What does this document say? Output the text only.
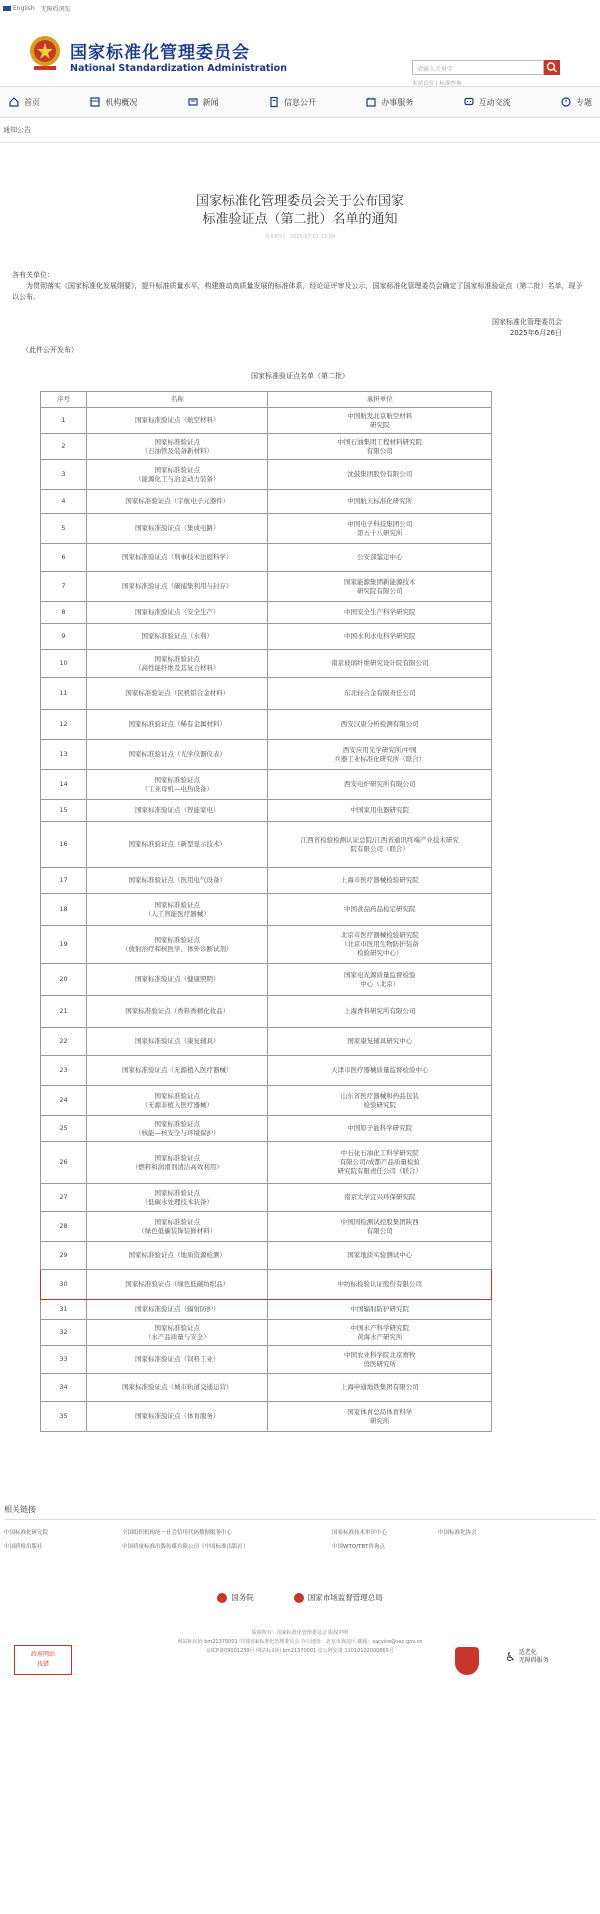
English 无障碍浏览
国家标准化管理委员会
National Standardization Administration	请输入关键字
本站首页 | 标准查询
首页	机构概况	新闻	信息公开	办事服务	互动交流	专题
通知公告
国家标准化管理委员会关于公布国家
标准验证点（第二批）名单的通知
发布时间：2025-07-01 12:09
各有关单位：
为贯彻落实《国家标准化发展纲要》，提升标准质量水平，构建推动高质量发展的标准体系，经论证评审及公示，国家标准化管理委员会确定了国家标准验证点（第二批）名单，现予以公布。
国家标准化管理委员会
2025年6月26日
（此件公开发布）
国家标准验证点名单（第二批）
序号	名称	承担单位
1	国家标准验证点（航空材料）	中国航发北京航空材料
研究院
2	国家标准验证点
（石油管及装备新材料）	中国石油集团工程材料研究院
有限公司
3	国家标准验证点
（能源化工与冶金动力装备）	沈鼓集团股份有限公司
4	国家标准验证点（宇航电子元器件）	中国航天标准化研究所
5	国家标准验证点（集成电路）	中国电子科技集团公司
第五十八研究所
6	国家标准验证点（刑事技术法庭科学）	公安部鉴定中心
7	国家标准验证点（碳捕集利用与封存）	国家能源集团新能源技术
研究院有限公司
8	国家标准验证点（安全生产）	中国安全生产科学研究院
9	国家标准验证点（水利）	中国水利水电科学研究院
10	国家标准验证点
（高性能纤维及其复合材料）	南京玻璃纤维研究设计院有限公司
11	国家标准验证点（民机铝合金材料）	东北轻合金有限责任公司
12	国家标准验证点（稀有金属材料）	西安汉唐分析检测有限公司
13	国家标准验证点（光学仪器仪表）	西安应用光学研究所/中国
兵器工业标准化研究所（联合）
14	国家标准验证点
（工业母机—电热设备）	西安电炉研究所有限公司
15	国家标准验证点（智能家电）	中国家用电器研究院
16	国家标准验证点（新型显示技术）	江西省检验检测认证总院/江西省通讯终端产业技术研究
院有限公司（联合）
17	国家标准验证点（医用电气设备）	上海市医疗器械检验研究院
18	国家标准验证点
（人工智能医疗器械）	中国食品药品检定研究院
19	国家标准验证点
（放射治疗和核医学、体外诊断试剂）	北京市医疗器械检验研究院
（北京市医用生物防护装备
检验研究中心）
20	国家标准验证点（健康照明）	国家电光源质量监督检验
中心（北京）
21	国家标准验证点（香料香精化妆品）	上海香料研究所有限公司
22	国家标准验证点（康复辅具）	国家康复辅具研究中心
23	国家标准验证点（无源植入医疗器械）	天津市医疗器械质量监督检验中心
24	国家标准验证点
（无源非植入医疗器械）	山东省医疗器械和药品包装
检验研究院
25	国家标准验证点
（核能—核安全与环境保护）	中国原子能科学研究院
26	国家标准验证点
（燃料和润滑剂清洁高效利用）	中石化石油化工科学研究院
有限公司/成都产品质量检验
研究院有限责任公司（联合）
27	国家标准验证点
（低碳水处理技术装备）	南京大学宜兴环保研究院
28	国家标准验证点
（绿色低碳装饰装修材料）	中国国检测试控股集团陕西
有限公司
29	国家标准验证点（地质资源检测）	国家地质实验测试中心
30	国家标准验证点（绿色低碳纺织品）	中纺标检验认证股份有限公司
31	国家标准验证点（辐射防护）	中国辐射防护研究院
32	国家标准验证点
（水产品质量与安全）	中国水产科学研究院
黄海水产研究所
33	国家标准验证点（饲料工业）	中国农业科学院北京畜牧
兽医研究所
34	国家标准验证点（城市轨道交通运营）	上海申通地铁集团有限公司
35	国家标准验证点（体育服务）	国家体育总局体育科学
研究所
相关链接
中国标准化研究院	全国组织机构统一社会信用代码数据服务中心	国家标准技术审评中心	中国标准化协会
中国质检出版社	中国质量标准出版传媒有限公司（中国标准出版社）	中国WTO/TBT咨询点
国务院	国家市场监督管理总局
版权所有：国家标准化管理委员会 版权声明
网站标识码 bm21370001 中国国家标准化管理委员会 办公地址：北京市海淀区 邮箱：sacvice@sac.gov.cn
京ICP备09001239号 网站标识码 bm21370001 京公网安备 11010102000865号
政府网站
找错
♿ 适老化
无障碍服务
